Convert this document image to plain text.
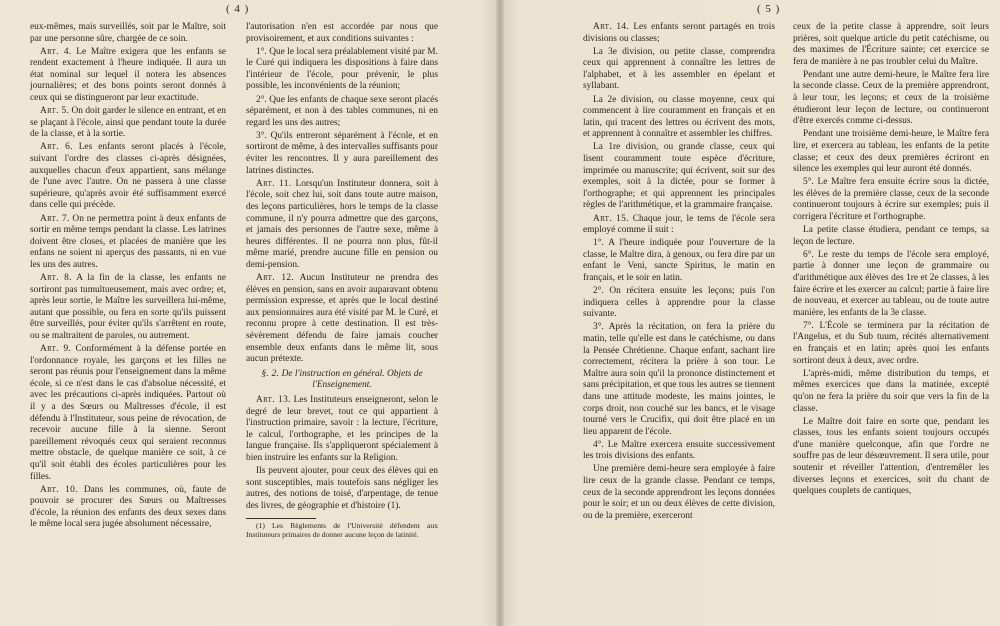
( 4 )

eux-mêmes, mais surveillés, soit par le Maître, soit par une personne sûre, chargée de ce soin.

Art. 4. Le Maître exigera que les enfants se rendent exactement à l'heure indiquée. Il aura un état nominal sur lequel il notera les absences journalières; et des bons points seront donnés à ceux qui se distingueront par leur exactitude.

Art. 5. On doit garder le silence en entrant, et en se plaçant à l'école, ainsi que pendant toute la durée de la classe, et à la sortie.

Art. 6. Les enfants seront placés à l'école, suivant l'ordre des classes ci-après désignées, auxquelles chacun d'eux appartient, sans mélange de l'une avec l'autre. On ne passera à une classe supérieure, qu'après avoir été suffisamment exercé dans celle qui précède.

Art. 7. On ne permettra point à deux enfants de sortir en même temps pendant la classe. Les latrines doivent être closes, et placées de manière que les enfans ne soient ni aperçus des passants, ni en vue les uns des autres.

Art. 8. A la fin de la classe, les enfants ne sortiront pas tumultueusement, mais avec ordre; et, après leur sortie, le Maître les surveillera lui-même, autant que possible, ou fera en sorte qu'ils puissent être surveillés, pour éviter qu'ils s'arrêtent en route, ou se maltraitent de paroles, ou autrement.

Art. 9. Conformément à la défense portée en l'ordonnance royale, les garçons et les filles ne seront pas réunis pour l'enseignement dans la même école, si ce n'est dans le cas d'absolue nécessité, et avec les précautions ci-après indiquées. Partout où il y a des Sœurs ou Maîtresses d'école, il est défendu à l'Instituteur, sous peine de révocation, de recevoir aucune fille à la sienne. Seront pareillement révoqués ceux qui seraient reconnus mettre obstacle, de quelque manière ce soit, à ce qu'il soit établi des écoles particulières pour les filles.

Art. 10. Dans les communes, où, faute de pouvoir se procurer des Sœurs ou Maîtresses d'école, la réunion des enfants des deux sexes dans le même local sera jugée absolument nécessaire,

l'autorisation n'en est accordée par nous que provisoirement, et aux conditions suivantes :

1°. Que le local sera préalablement visité par M. le Curé qui indiquera les dispositions à faire dans l'intérieur de l'école, pour prévenir, le plus possible, les inconvénients de la réunion;

2°. Que les enfants de chaque sexe seront placés séparément, et non à des tables communes, ni en regard les uns des autres;

3°. Qu'ils entreront séparément à l'école, et en sortiront de même, à des intervalles suffisants pour éviter les rencontres. Il y aura pareillement des latrines distinctes.

Art. 11. Lorsqu'un Instituteur donnera, soit à l'école, soit chez lui, soit dans toute autre maison, des leçons particulières, hors le temps de la classe commune, il n'y pourra admettre que des garçons, et jamais des personnes de l'autre sexe, même à heures différentes. Il ne pourra non plus, fût-il même marié, prendre aucune fille en pension ou demi-pension.

Art. 12. Aucun Instituteur ne prendra des élèves en pension, sans en avoir auparavant obtenu permission expresse, et après que le local destiné aux pensionnaires aura été visité par M. le Curé, et reconnu propre à cette destination. Il est très-sévèrement défendu de faire jamais coucher ensemble deux enfants dans le même lit, sous aucun prétexte.

§. 2. De l'instruction en général. Objets de l'Enseignement.

Art. 13. Les Instituteurs enseigneront, selon le degré de leur brevet, tout ce qui appartient à l'instruction primaire, savoir : la lecture, l'écriture, le calcul, l'orthographe, et les principes de la langue française. Ils s'appliqueront spécialement à bien instruire les enfants sur la Religion.

Ils peuvent ajouter, pour ceux des élèves qui en sont susceptibles, mais toutefois sans négliger les autres, des notions de toisé, d'arpentage, de tenue des livres, de géographie et d'histoire (1).

(1) Les Règlements de l'Université défendent aux Instituteurs primaires de donner aucune leçon de latinité.

( 5 )

Art. 14. Les enfants seront partagés en trois divisions ou classes;

La 3e division, ou petite classe, comprendra ceux qui apprennent à connaître les lettres de l'alphabet, et à les assembler en épelant et syllabant.

La 2e division, ou classe moyenne, ceux qui commencent à lire couramment en français et en latin, qui tracent des lettres ou écrivent des mots, et apprennent à connaître et assembler les chiffres.

La 1re division, ou grande classe, ceux qui lisent couramment toute espèce d'écriture, imprimée ou manuscrite; qui écrivent, soit sur des exemples, soit à la dictée, pour se former à l'orthographe; et qui apprennent les principales règles de l'arithmétique, et la grammaire française.

Art. 15. Chaque jour, le tems de l'école sera employé comme il suit :

1°. A l'heure indiquée pour l'ouverture de la classe, le Maître dira, à genoux, ou fera dire par un enfant le Veni, sancte Spiritus, le matin en français, et le soir en latin.

2°. On récitera ensuite les leçons; puis l'on indiquera celles à apprendre pour la classe suivante.

3°. Après la récitation, on fera la prière du matin, telle qu'elle est dans le catéchisme, ou dans la Pensée Chrétienne. Chaque enfant, sachant lire correctement, récitera la prière à son tour. Le Maître aura soin qu'il la prononce distinctement et sans précipitation, et que tous les autres se tiennent dans une attitude modeste, les mains jointes, le corps droit, non couché sur les bancs, et le visage tourné vers le Crucifix, qui doit être placé en un lieu apparent de l'école.

4°. Le Maître exercera ensuite successivement les trois divisions des enfants.

Une première demi-heure sera employée à faire lire ceux de la grande classe. Pendant ce temps, ceux de la seconde apprendront les leçons données pour le soir; et un ou deux élèves de cette division, ou de la première, exerceront

ceux de la petite classe à apprendre, soit leurs prières, soit quelque article du petit catéchisme, ou des maximes de l'Écriture sainte; cet exercice se fera de manière à ne pas troubler celui du Maître.

Pendant une autre demi-heure, le Maître fera lire la seconde classe. Ceux de la première apprendront, à leur tour, les leçons; et ceux de la troisième étudieront leur leçon de lecture, ou continueront d'être exercés comme ci-dessus.

Pendant une troisième demi-heure, le Maître fera lire, et exercera au tableau, les enfants de la petite classe; et ceux des deux premières écriront en silence les exemples qui leur auront été donnés.

5°. Le Maître fera ensuite écrire sous la dictée, les élèves de la première classe, ceux de la seconde continueront toujours à écrire sur exemples; puis il corrigera l'écriture et l'orthographe.

La petite classe étudiera, pendant ce temps, sa leçon de lecture.

6°. Le reste du temps de l'école sera employé, partie à donner une leçon de grammaire ou d'arithmétique aux élèves des 1re et 2e classes, à les faire écrire et les exercer au calcul; partie à faire lire de nouveau, et exercer au tableau, ou de toute autre manière, les enfants de la 3e classe.

7°. L'École se terminera par la récitation de l'Angelus, et du Sub tuum, récités alternativement en français et en latin; après quoi les enfants sortiront deux à deux, avec ordre.

L'après-midi, même distribution du temps, et mêmes exercices que dans la matinée, excepté qu'on ne fera la prière du soir que vers la fin de la classe.

Le Maître doit faire en sorte que, pendant les classes, tous les enfants soient toujours occupés d'une manière quelconque, afin que l'ordre ne souffre pas de leur désœuvrement. Il sera utile, pour soutenir et réveiller l'attention, d'entremêler les diverses leçons et exercices, soit du chant de quelques couplets de cantiques,
